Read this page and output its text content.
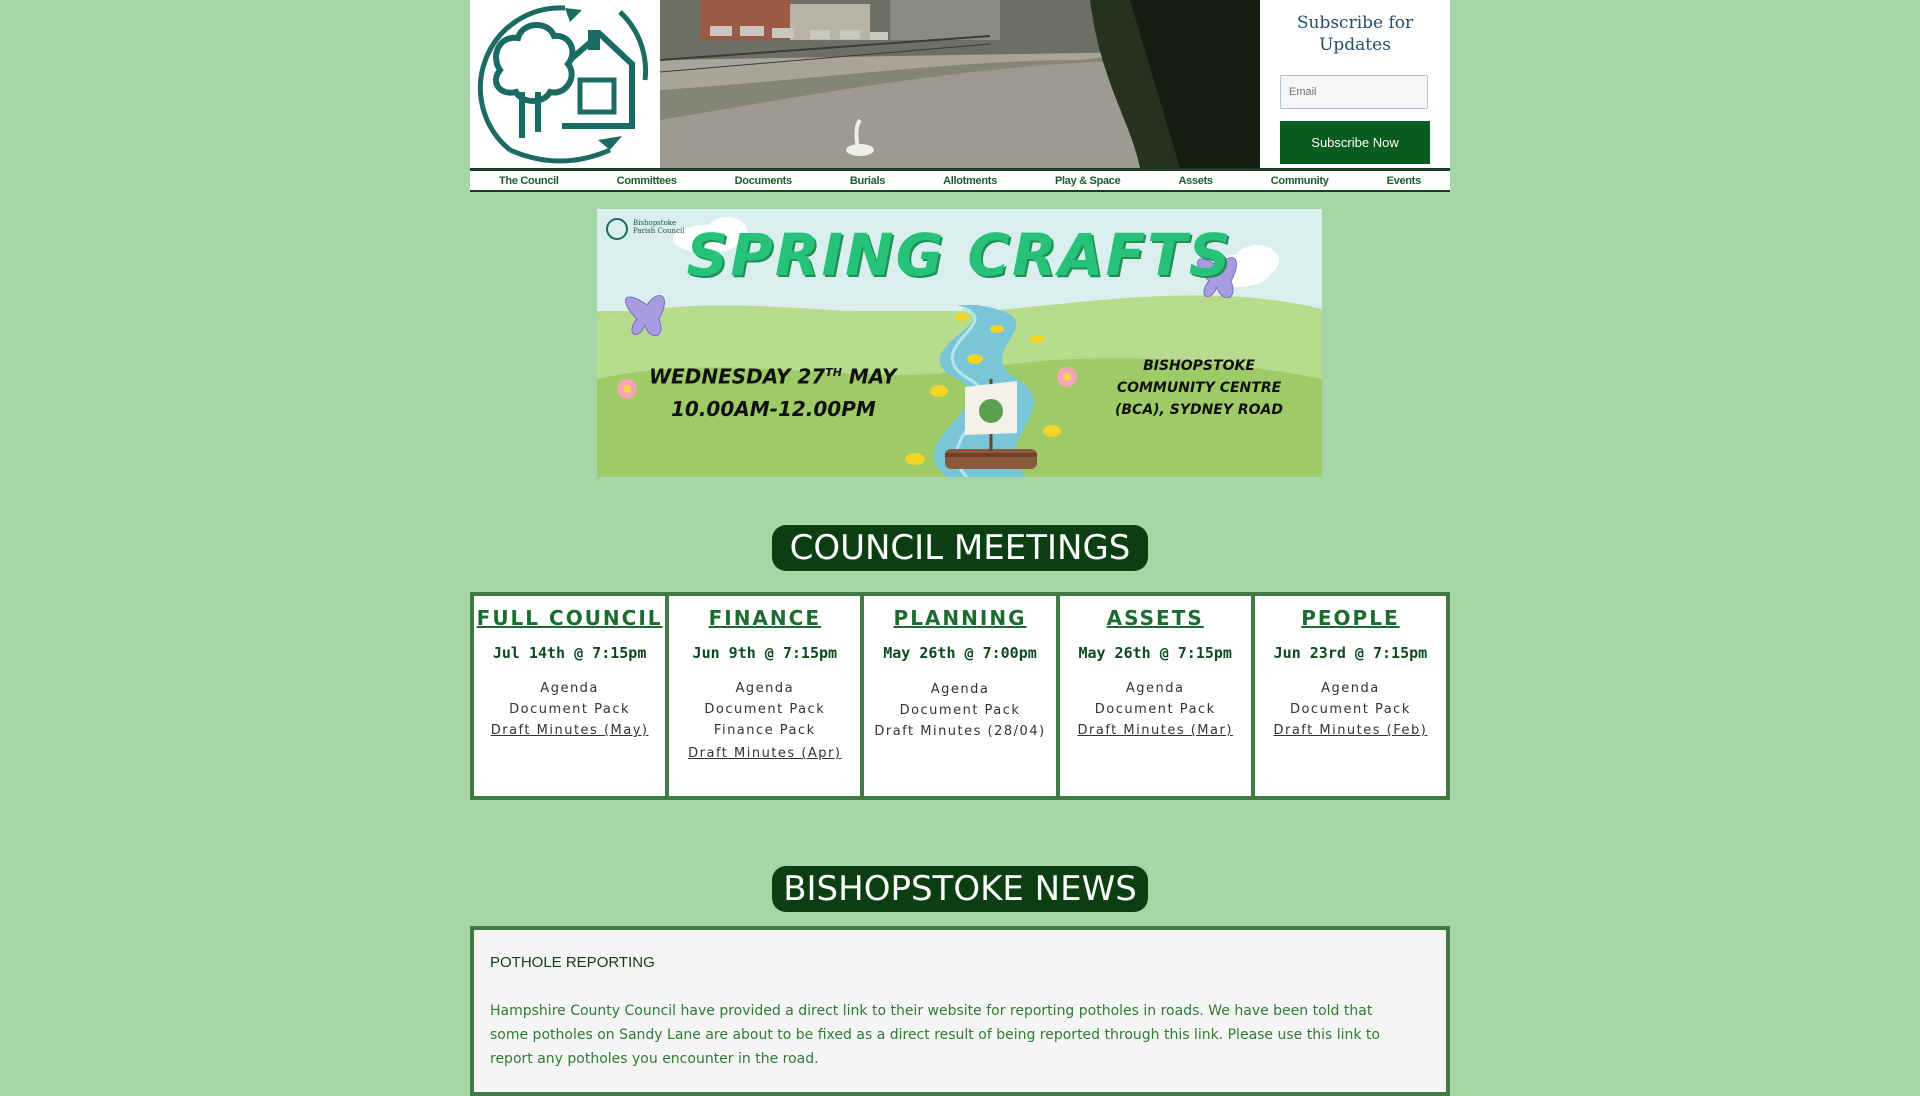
Subscribe for Updates
Email
Subscribe Now
The Council	Committees	Documents	Burials	Allotments	Play & Space	Assets	Community	Events
Bishopstoke
Parish Council SPRING CRAFTS
WEDNESDAY 27TH MAY
10.00AM-12.00PM
BISHOPSTOKE COMMUNITY CENTRE (BCA), SYDNEY ROAD
COUNCIL MEETINGS
FULL COUNCIL
Jul 14th @ 7:15pm
Agenda
Document Pack
Draft Minutes (May)
FINANCE
Jun 9th @ 7:15pm
Agenda
Document Pack
Finance Pack
Draft Minutes (Apr)
PLANNING
May 26th @ 7:00pm
Agenda
Document Pack
Draft Minutes (28/04)
ASSETS
May 26th @ 7:15pm
Agenda
Document Pack
Draft Minutes (Mar)
PEOPLE
Jun 23rd @ 7:15pm
Agenda
Document Pack
Draft Minutes (Feb)
BISHOPSTOKE NEWS
POTHOLE REPORTING
Hampshire County Council have provided a direct link to their website for reporting potholes in roads. We have been told that some potholes on Sandy Lane are about to be fixed as a direct result of being reported through this link. Please use this link to report any potholes you encounter in the road.
